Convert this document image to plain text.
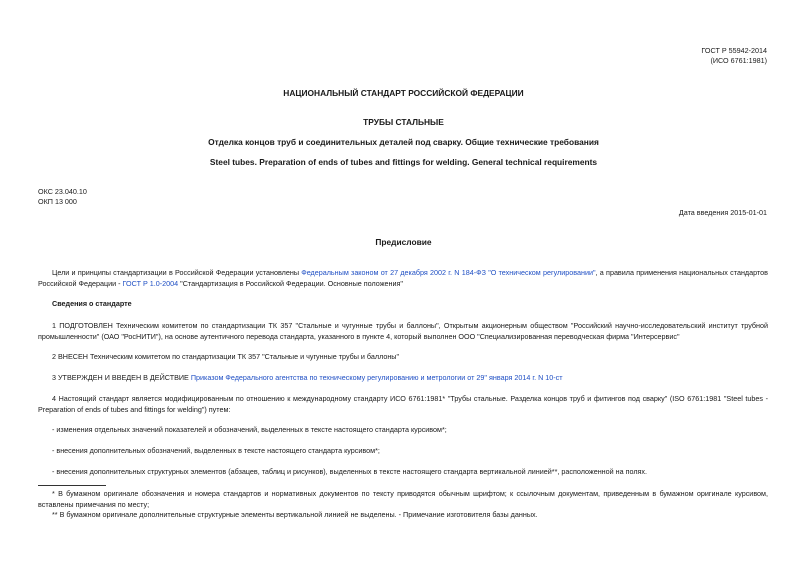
ГОСТ Р 55942-2014
(ИСО 6761:1981)
НАЦИОНАЛЬНЫЙ СТАНДАРТ РОССИЙСКОЙ ФЕДЕРАЦИИ
ТРУБЫ СТАЛЬНЫЕ
Отделка концов труб и соединительных деталей под сварку. Общие технические требования
Steel tubes. Preparation of ends of tubes and fittings for welding. General technical requirements
ОКС 23.040.10
ОКП 13 000
Дата введения 2015-01-01
Предисловие
Цели и принципы стандартизации в Российской Федерации установлены Федеральным законом от 27 декабря 2002 г. N 184-ФЗ "О техническом регулировании", а правила применения национальных стандартов Российской Федерации - ГОСТ Р 1.0-2004 "Стандартизация в Российской Федерации. Основные положения"
Сведения о стандарте
1 ПОДГОТОВЛЕН Техническим комитетом по стандартизации ТК 357 "Стальные и чугунные трубы и баллоны", Открытым акционерным обществом "Российский научно-исследовательский институт трубной промышленности" (ОАО "РосНИТИ"), на основе аутентичного перевода стандарта, указанного в пункте 4, который выполнен ООО "Специализированная переводческая фирма "Интерсервис"
2 ВНЕСЕН Техническим комитетом по стандартизации ТК 357 "Стальные и чугунные трубы и баллоны"
3 УТВЕРЖДЕН И ВВЕДЕН В ДЕЙСТВИЕ Приказом Федерального агентства по техническому регулированию и метрологии от 29" января 2014 г. N 10-ст
4 Настоящий стандарт является модифицированным по отношению к международному стандарту ИСО 6761:1981* "Трубы стальные. Разделка концов труб и фитингов под сварку" (ISO 6761:1981 "Steel tubes - Preparation of ends of tubes and fittings for welding") путем:
- изменения отдельных значений показателей и обозначений, выделенных в тексте настоящего стандарта курсивом*;
- внесения дополнительных обозначений, выделенных в тексте настоящего стандарта курсивом*;
- внесения дополнительных структурных элементов (абзацев, таблиц и рисунков), выделенных в тексте настоящего стандарта вертикальной линией**, расположенной на полях.
* В бумажном оригинале обозначения и номера стандартов и нормативных документов по тексту приводятся обычным шрифтом; к ссылочным документам, приведенным в бумажном оригинале курсивом, вставлены примечания по месту;
** В бумажном оригинале дополнительные структурные элементы вертикальной линией не выделены. - Примечание изготовителя базы данных.
